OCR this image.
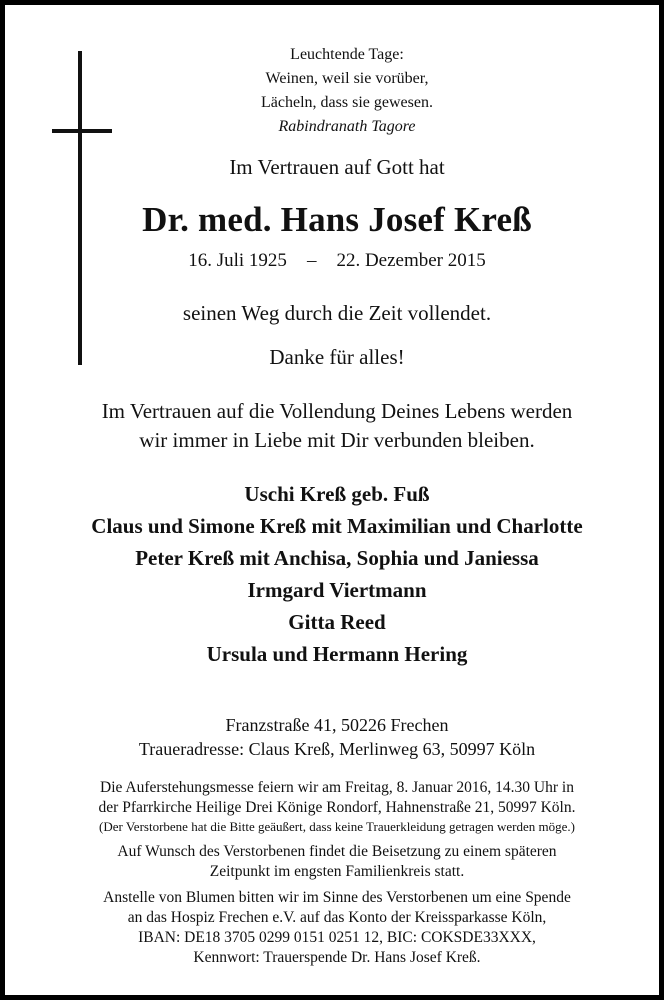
Leuchtende Tage:
Weinen, weil sie vorüber,
Lächeln, dass sie gewesen.
Rabindranath Tagore
Im Vertrauen auf Gott hat
Dr. med. Hans Josef Kreß
16. Juli 1925 – 22. Dezember 2015
seinen Weg durch die Zeit vollendet.
Danke für alles!
Im Vertrauen auf die Vollendung Deines Lebens werden
wir immer in Liebe mit Dir verbunden bleiben.
Uschi Kreß geb. Fuß
Claus und Simone Kreß mit Maximilian und Charlotte
Peter Kreß mit Anchisa, Sophia und Janiessa
Irmgard Viertmann
Gitta Reed
Ursula und Hermann Hering
Franzstraße 41, 50226 Frechen
Traueradresse: Claus Kreß, Merlinweg 63, 50997 Köln
Die Auferstehungsmesse feiern wir am Freitag, 8. Januar 2016, 14.30 Uhr in
der Pfarrkirche Heilige Drei Könige Rondorf, Hahnenstraße 21, 50997 Köln.
(Der Verstorbene hat die Bitte geäußert, dass keine Trauerkleidung getragen werden möge.)
Auf Wunsch des Verstorbenen findet die Beisetzung zu einem späteren
Zeitpunkt im engsten Familienkreis statt.
Anstelle von Blumen bitten wir im Sinne des Verstorbenen um eine Spende
an das Hospiz Frechen e.V. auf das Konto der Kreissparkasse Köln,
IBAN: DE18 3705 0299 0151 0251 12, BIC: COKSDE33XXX,
Kennwort: Trauerspende Dr. Hans Josef Kreß.
